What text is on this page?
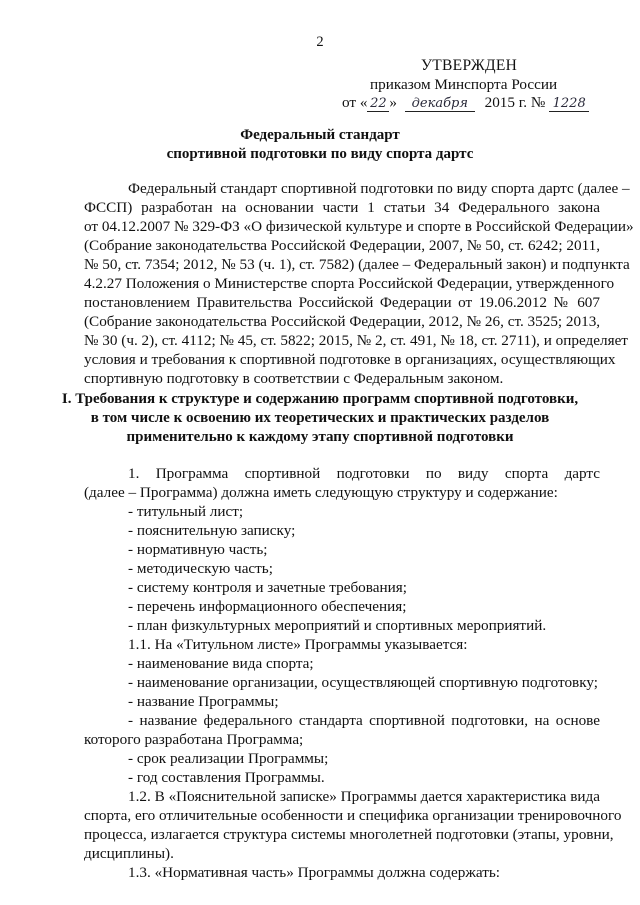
2
УТВЕРЖДЕН
приказом Минспорта России
от « 22 » декабря 2015 г. № 1228
Федеральный стандарт
спортивной подготовки по виду спорта дартс
Федеральный стандарт спортивной подготовки по виду спорта дартс (далее –
ФССП) разработан на основании части 1 статьи 34 Федерального закона
от 04.12.2007 № 329-ФЗ «О физической культуре и спорте в Российской Федерации»
(Собрание законодательства Российской Федерации, 2007, № 50, ст. 6242; 2011,
№ 50, ст. 7354; 2012, № 53 (ч. 1), ст. 7582) (далее – Федеральный закон) и подпункта
4.2.27 Положения о Министерстве спорта Российской Федерации, утвержденного
постановлением Правительства Российской Федерации от 19.06.2012 № 607
(Собрание законодательства Российской Федерации, 2012, № 26, ст. 3525; 2013,
№ 30 (ч. 2), ст. 4112; № 45, ст. 5822; 2015, № 2, ст. 491, № 18, ст. 2711), и определяет
условия и требования к спортивной подготовке в организациях, осуществляющих
спортивную подготовку в соответствии с Федеральным законом.
I. Требования к структуре и содержанию программ спортивной подготовки,
в том числе к освоению их теоретических и практических разделов
применительно к каждому этапу спортивной подготовки
1. Программа спортивной подготовки по виду спорта дартс
(далее – Программа) должна иметь следующую структуру и содержание:
- титульный лист;
- пояснительную записку;
- нормативную часть;
- методическую часть;
- систему контроля и зачетные требования;
- перечень информационного обеспечения;
- план физкультурных мероприятий и спортивных мероприятий.
1.1. На «Титульном листе» Программы указывается:
- наименование вида спорта;
- наименование организации, осуществляющей спортивную подготовку;
- название Программы;
- название федерального стандарта спортивной подготовки, на основе
которого разработана Программа;
- срок реализации Программы;
- год составления Программы.
1.2. В «Пояснительной записке» Программы дается характеристика вида
спорта, его отличительные особенности и специфика организации тренировочного
процесса, излагается структура системы многолетней подготовки (этапы, уровни,
дисциплины).
1.3. «Нормативная часть» Программы должна содержать:
